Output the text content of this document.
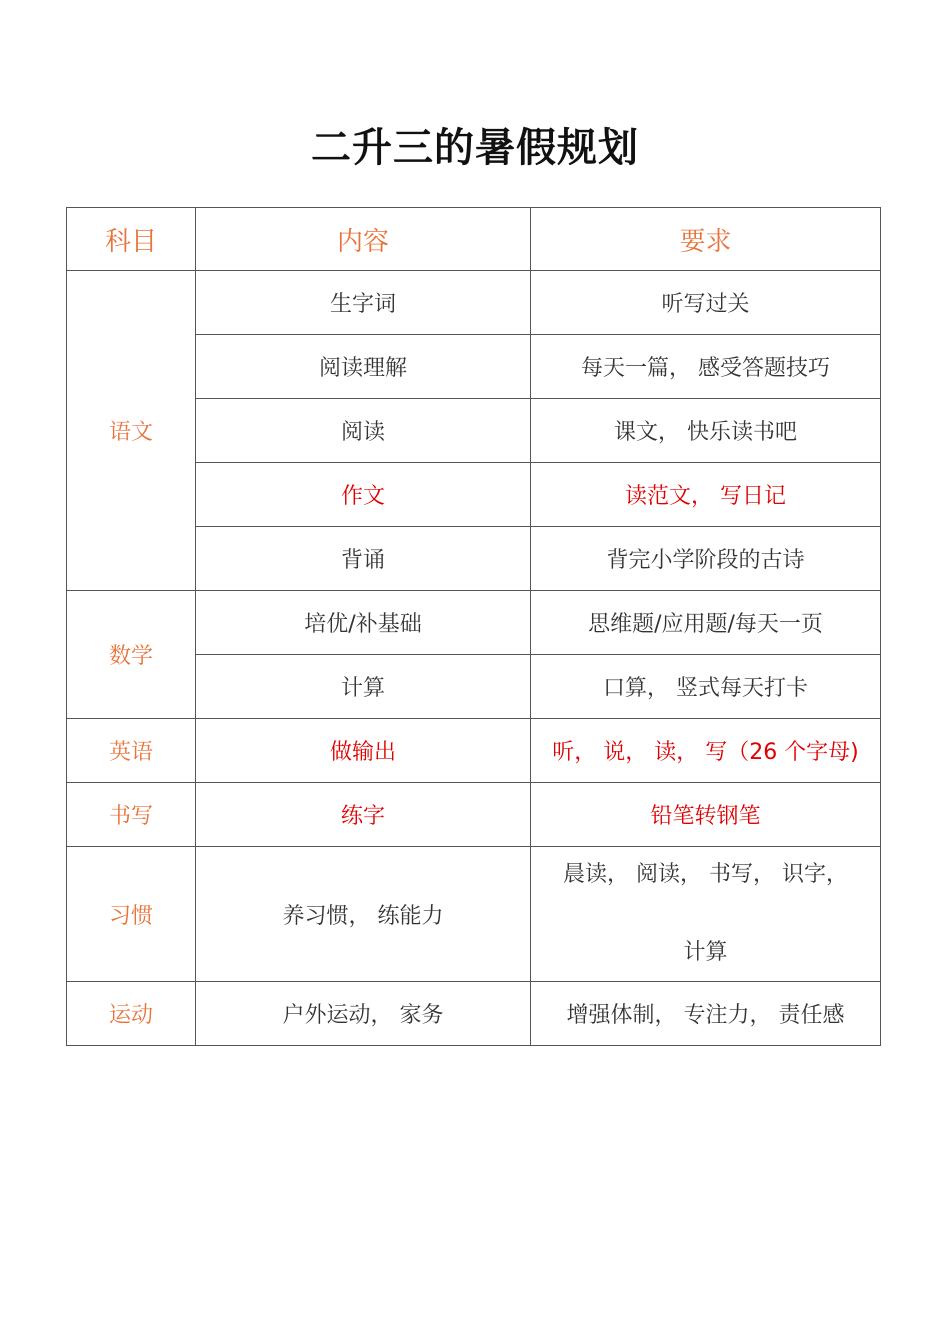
二升三的暑假规划
科目	内容	要求
语文	生字词	听写过关
	阅读理解	每天一篇， 感受答题技巧
	阅读	课文， 快乐读书吧
	作文	读范文， 写日记
	背诵	背完小学阶段的古诗
数学	培优/补基础	思维题/应用题/每天一页
	计算	口算， 竖式每天打卡
英语	做输出	听， 说， 读， 写（26 个字母)
书写	练字	铅笔转钢笔
习惯	养习惯， 练能力	晨读， 阅读， 书写， 识字，
计算

运动	户外运动， 家务	增强体制， 专注力， 责任感
